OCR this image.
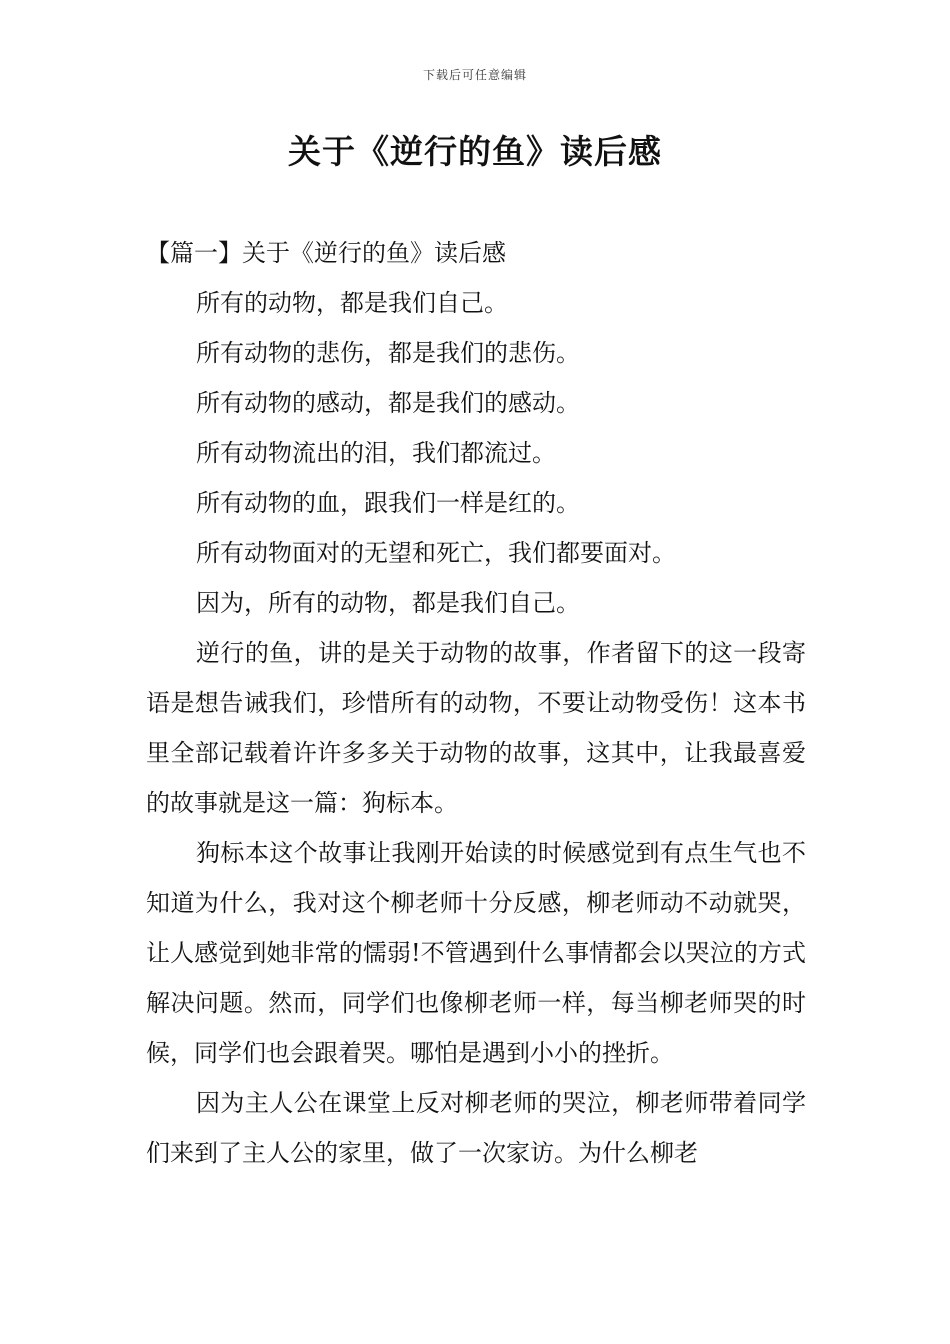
下载后可任意编辑
关于《逆行的鱼》读后感

【篇一】关于《逆行的鱼》读后感

所有的动物，都是我们自己。

所有动物的悲伤，都是我们的悲伤。

所有动物的感动，都是我们的感动。

所有动物流出的泪，我们都流过。

所有动物的血，跟我们一样是红的。

所有动物面对的无望和死亡，我们都要面对。

因为，所有的动物，都是我们自己。

逆行的鱼，讲的是关于动物的故事，作者留下的这一段寄语是想告诫我们，珍惜所有的动物，不要让动物受伤！这本书里全部记载着许许多多关于动物的故事，这其中，让我最喜爱的故事就是这一篇：狗标本。

狗标本这个故事让我刚开始读的时候感觉到有点生气也不知道为什么，我对这个柳老师十分反感，柳老师动不动就哭，让人感觉到她非常的懦弱!不管遇到什么事情都会以哭泣的方式解决问题。然而，同学们也像柳老师一样，每当柳老师哭的时候，同学们也会跟着哭。哪怕是遇到小小的挫折。

因为主人公在课堂上反对柳老师的哭泣，柳老师带着同学们来到了主人公的家里，做了一次家访。为什么柳老
